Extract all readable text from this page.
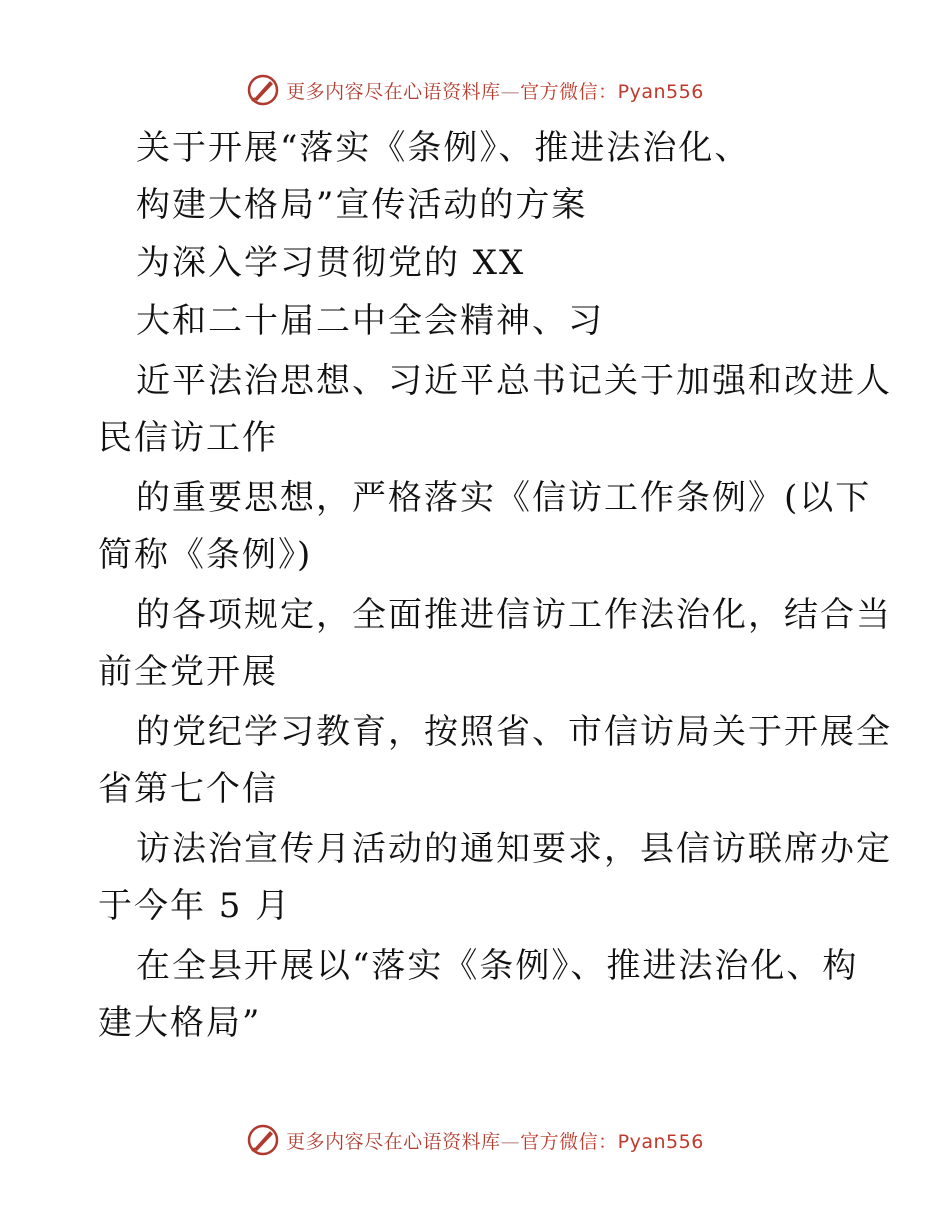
更多内容尽在心语资料库—官方微信：Pyan556
关于开展“落实《条例》、推进法治化、
构建大格局”宣传活动的方案
为深入学习贯彻党的 XX
大和二十届二中全会精神、习
近平法治思想、习近平总书记关于加强和改进人
民信访工作
的重要思想，严格落实《信访工作条例》(以下
简称《条例》)
的各项规定，全面推进信访工作法治化，结合当
前全党开展
的党纪学习教育，按照省、市信访局关于开展全
省第七个信
访法治宣传月活动的通知要求，县信访联席办定
于今年 5 月
在全县开展以“落实《条例》、推进法治化、构
建大格局”
更多内容尽在心语资料库—官方微信：Pyan556
